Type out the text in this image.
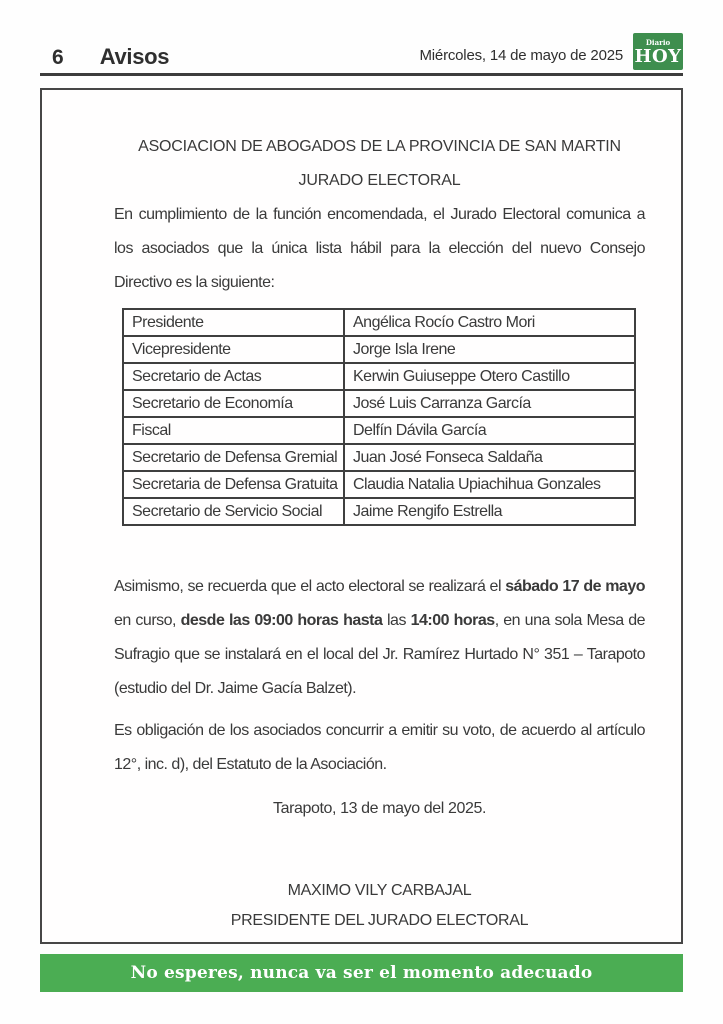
6 Avisos	Miércoles, 14 de mayo de 2025
Diario
HOY
ASOCIACION DE ABOGADOS DE LA PROVINCIA DE SAN MARTIN
JURADO ELECTORAL

En cumplimiento de la función encomendada, el Jurado Electoral comunica a los asociados que la única lista hábil para la elección del nuevo Consejo Directivo es la siguiente:

Presidente	Angélica Rocío Castro Mori
Vicepresidente	Jorge Isla Irene
Secretario de Actas	Kerwin Guiuseppe Otero Castillo
Secretario de Economía	José Luis Carranza García
Fiscal	Delfín Dávila García
Secretario de Defensa Gremial	Juan José Fonseca Saldaña
Secretaria de Defensa Gratuita	Claudia Natalia Upiachihua Gonzales
Secretario de Servicio Social	Jaime Rengifo Estrella

Asimismo, se recuerda que el acto electoral se realizará el sábado 17 de mayo en curso, desde las 09:00 horas hasta las 14:00 horas, en una sola Mesa de Sufragio que se instalará en el local del Jr. Ramírez Hurtado N° 351 – Tarapoto (estudio del Dr. Jaime Gacía Balzet).

Es obligación de los asociados concurrir a emitir su voto, de acuerdo al artículo 12°, inc. d), del Estatuto de la Asociación.

Tarapoto, 13 de mayo del 2025.

MAXIMO VILY CARBAJAL
PRESIDENTE DEL JURADO ELECTORAL
No esperes, nunca va ser el momento adecuado
